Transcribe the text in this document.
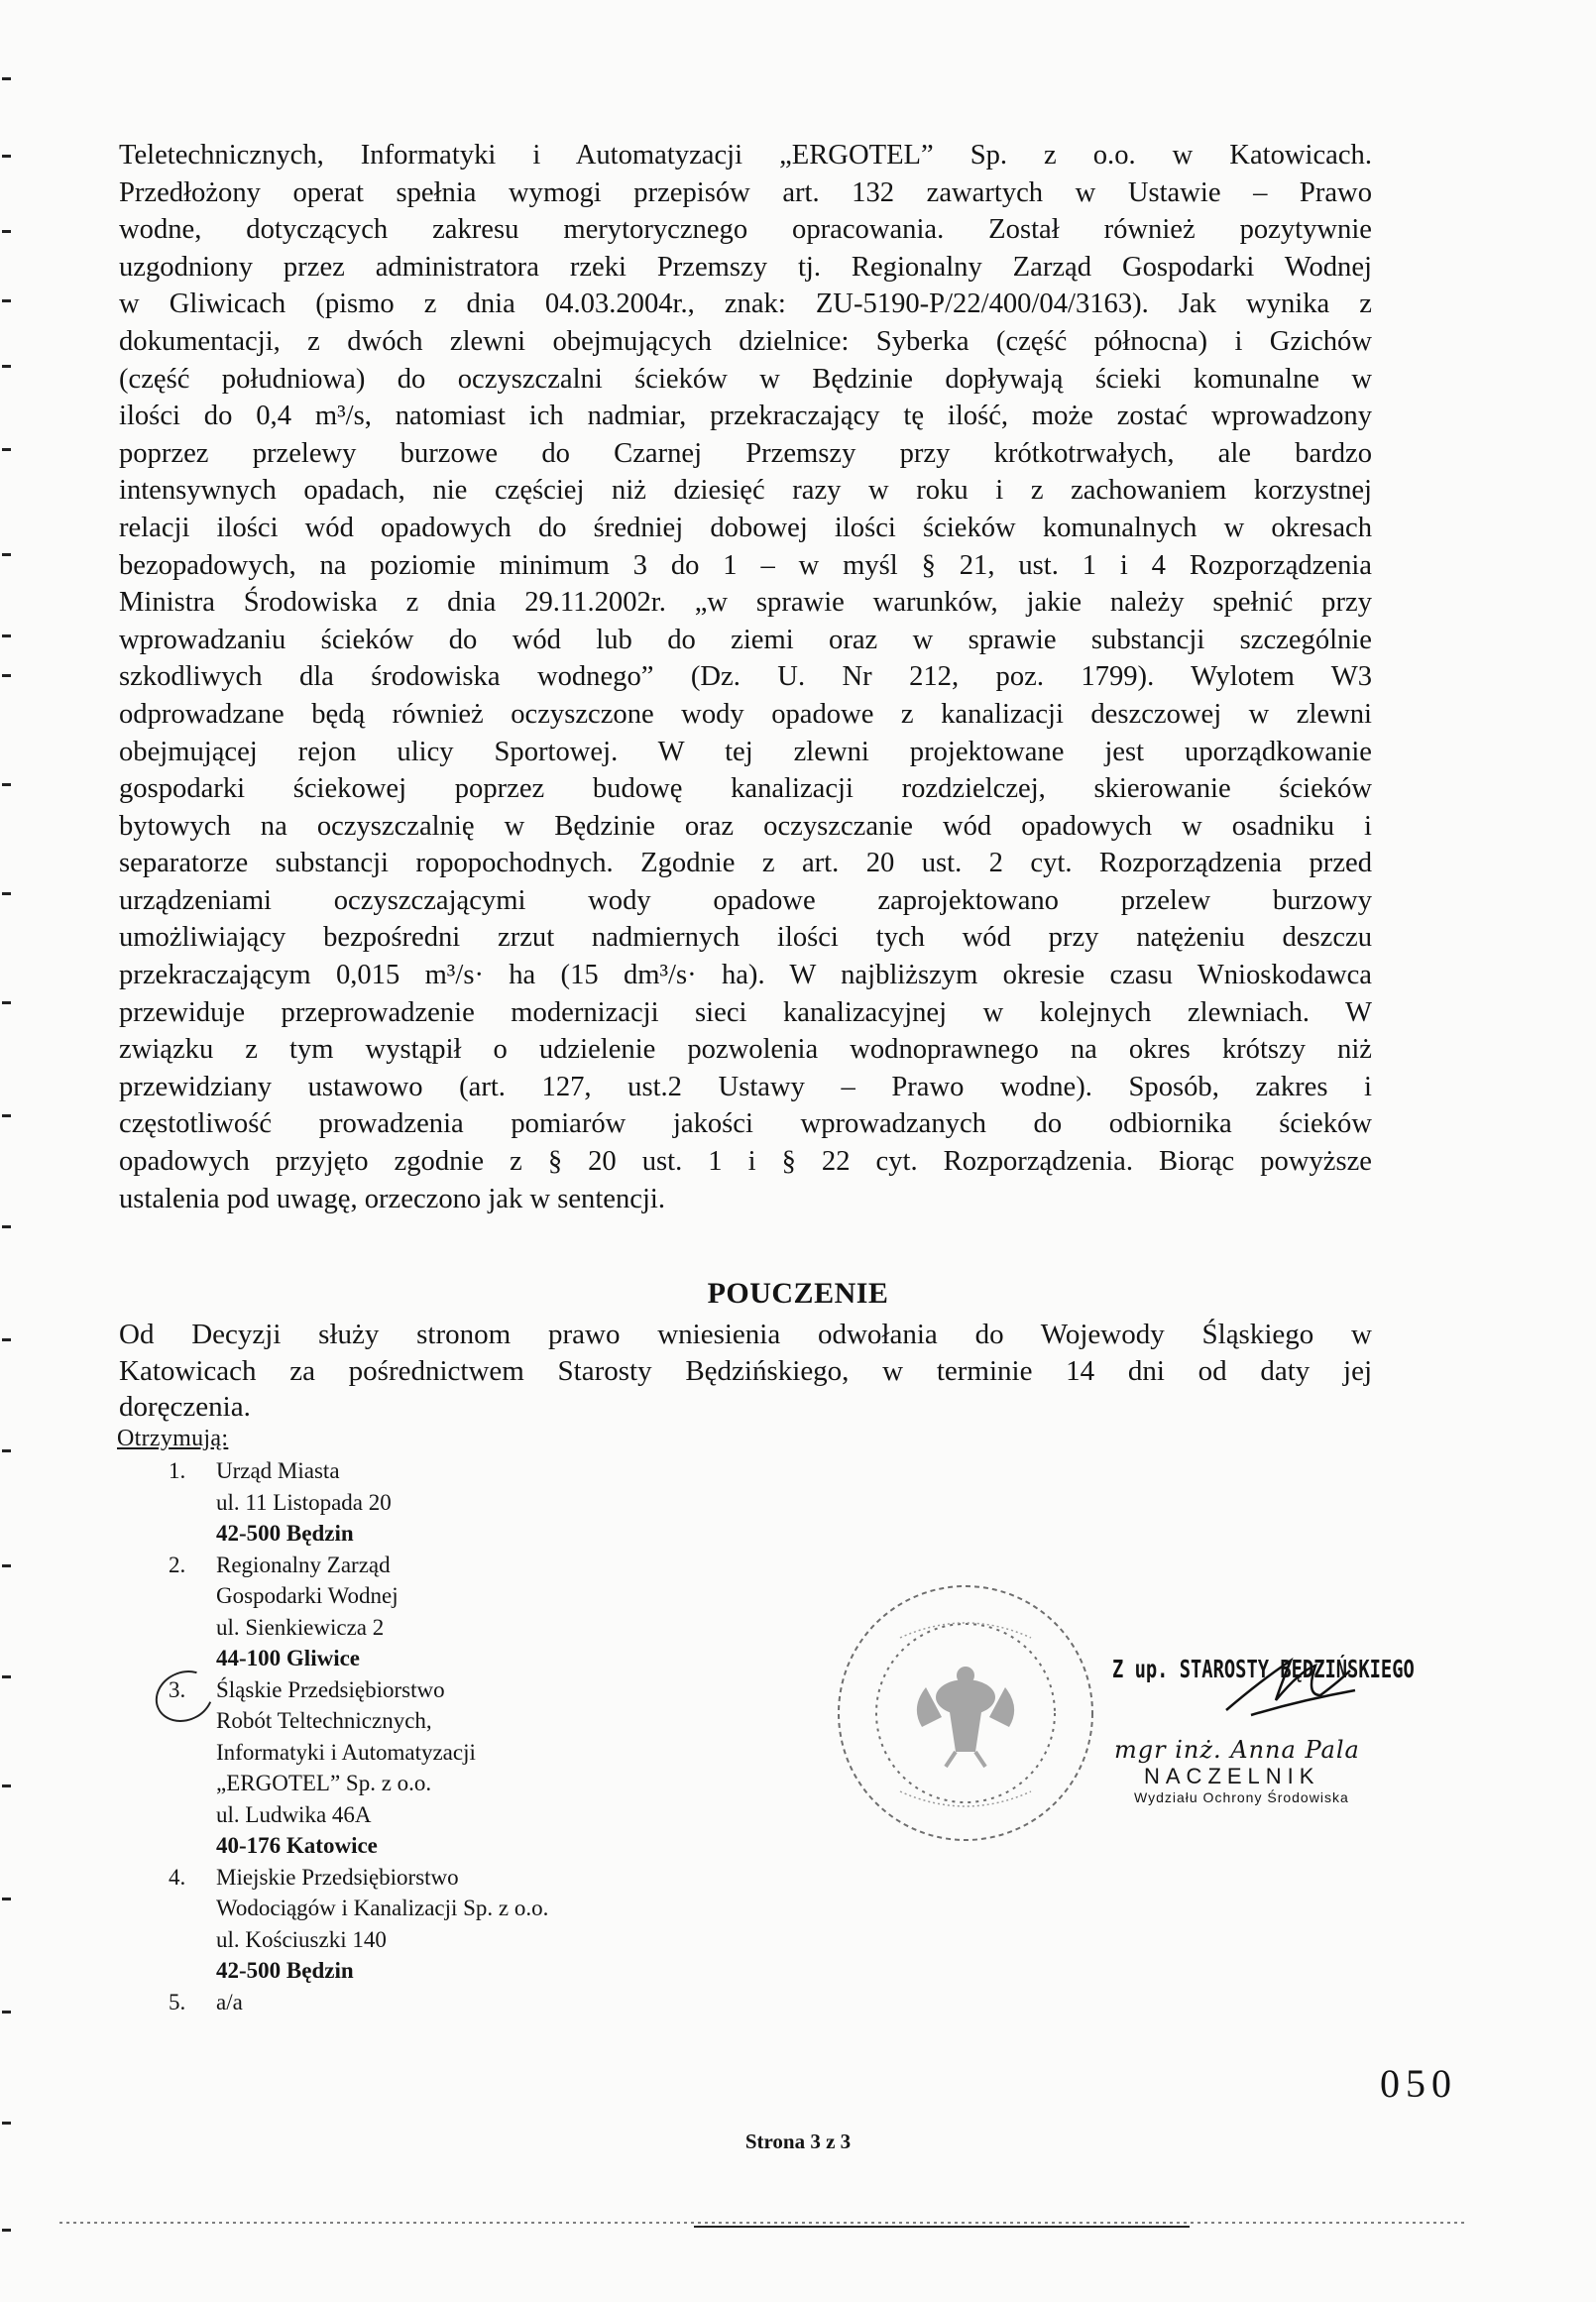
Teletechnicznych, Informatyki i Automatyzacji „ERGOTEL” Sp. z o.o. w Katowicach.
Przedłożony operat spełnia wymogi przepisów art. 132 zawartych w Ustawie – Prawo
wodne, dotyczących zakresu merytorycznego opracowania. Został również pozytywnie
uzgodniony przez administratora rzeki Przemszy tj. Regionalny Zarząd Gospodarki Wodnej
w Gliwicach (pismo z dnia 04.03.2004r., znak: ZU-5190-P/22/400/04/3163). Jak wynika z
dokumentacji, z dwóch zlewni obejmujących dzielnice: Syberka (część północna) i Gzichów
(część południowa) do oczyszczalni ścieków w Będzinie dopływają ścieki komunalne w
ilości do 0,4 m³/s, natomiast ich nadmiar, przekraczający tę ilość, może zostać wprowadzony
poprzez przelewy burzowe do Czarnej Przemszy przy krótkotrwałych, ale bardzo
intensywnych opadach, nie częściej niż dziesięć razy w roku i z zachowaniem korzystnej
relacji ilości wód opadowych do średniej dobowej ilości ścieków komunalnych w okresach
bezopadowych, na poziomie minimum 3 do 1 – w myśl § 21, ust. 1 i 4 Rozporządzenia
Ministra Środowiska z dnia 29.11.2002r. „w sprawie warunków, jakie należy spełnić przy
wprowadzaniu ścieków do wód lub do ziemi oraz w sprawie substancji szczególnie
szkodliwych dla środowiska wodnego” (Dz. U. Nr 212, poz. 1799). Wylotem W3
odprowadzane będą również oczyszczone wody opadowe z kanalizacji deszczowej w zlewni
obejmującej rejon ulicy Sportowej. W tej zlewni projektowane jest uporządkowanie
gospodarki ściekowej poprzez budowę kanalizacji rozdzielczej, skierowanie ścieków
bytowych na oczyszczalnię w Będzinie oraz oczyszczanie wód opadowych w osadniku i
separatorze substancji ropopochodnych. Zgodnie z art. 20 ust. 2 cyt. Rozporządzenia przed
urządzeniami oczyszczającymi wody opadowe zaprojektowano przelew burzowy
umożliwiający bezpośredni zrzut nadmiernych ilości tych wód przy natężeniu deszczu
przekraczającym 0,015 m³/s· ha (15 dm³/s· ha). W najbliższym okresie czasu Wnioskodawca
przewiduje przeprowadzenie modernizacji sieci kanalizacyjnej w kolejnych zlewniach. W
związku z tym wystąpił o udzielenie pozwolenia wodnoprawnego na okres krótszy niż
przewidziany ustawowo (art. 127, ust.2 Ustawy – Prawo wodne). Sposób, zakres i
częstotliwość prowadzenia pomiarów jakości wprowadzanych do odbiornika ścieków
opadowych przyjęto zgodnie z § 20 ust. 1 i § 22 cyt. Rozporządzenia. Biorąc powyższe
ustalenia pod uwagę, orzeczono jak w sentencji.
POUCZENIE
Od Decyzji służy stronom prawo wniesienia odwołania do Wojewody Śląskiego w
Katowicach za pośrednictwem Starosty Będzińskiego, w terminie 14 dni od daty jej
doręczenia.

Otrzymują:

1. Urząd Miasta
ul. 11 Listopada 20
42-500 Będzin
2. Regionalny Zarząd
Gospodarki Wodnej
ul. Sienkiewicza 2
44-100 Gliwice
3. Śląskie Przedsiębiorstwo
Robót Teltechnicznych,
Informatyki i Automatyzacji
„ERGOTEL” Sp. z o.o.
ul. Ludwika 46A
40-176 Katowice
4. Miejskie Przedsiębiorstwo
Wodociągów i Kanalizacji Sp. z o.o.
ul. Kościuszki 140
42-500 Będzin
5. a/a
Z up. STAROSTY BĘDZIŃSKIEGO
mgr inż. Anna Pala
NACZELNIK
Wydziału Ochrony Środowiska
050
Strona 3 z 3
